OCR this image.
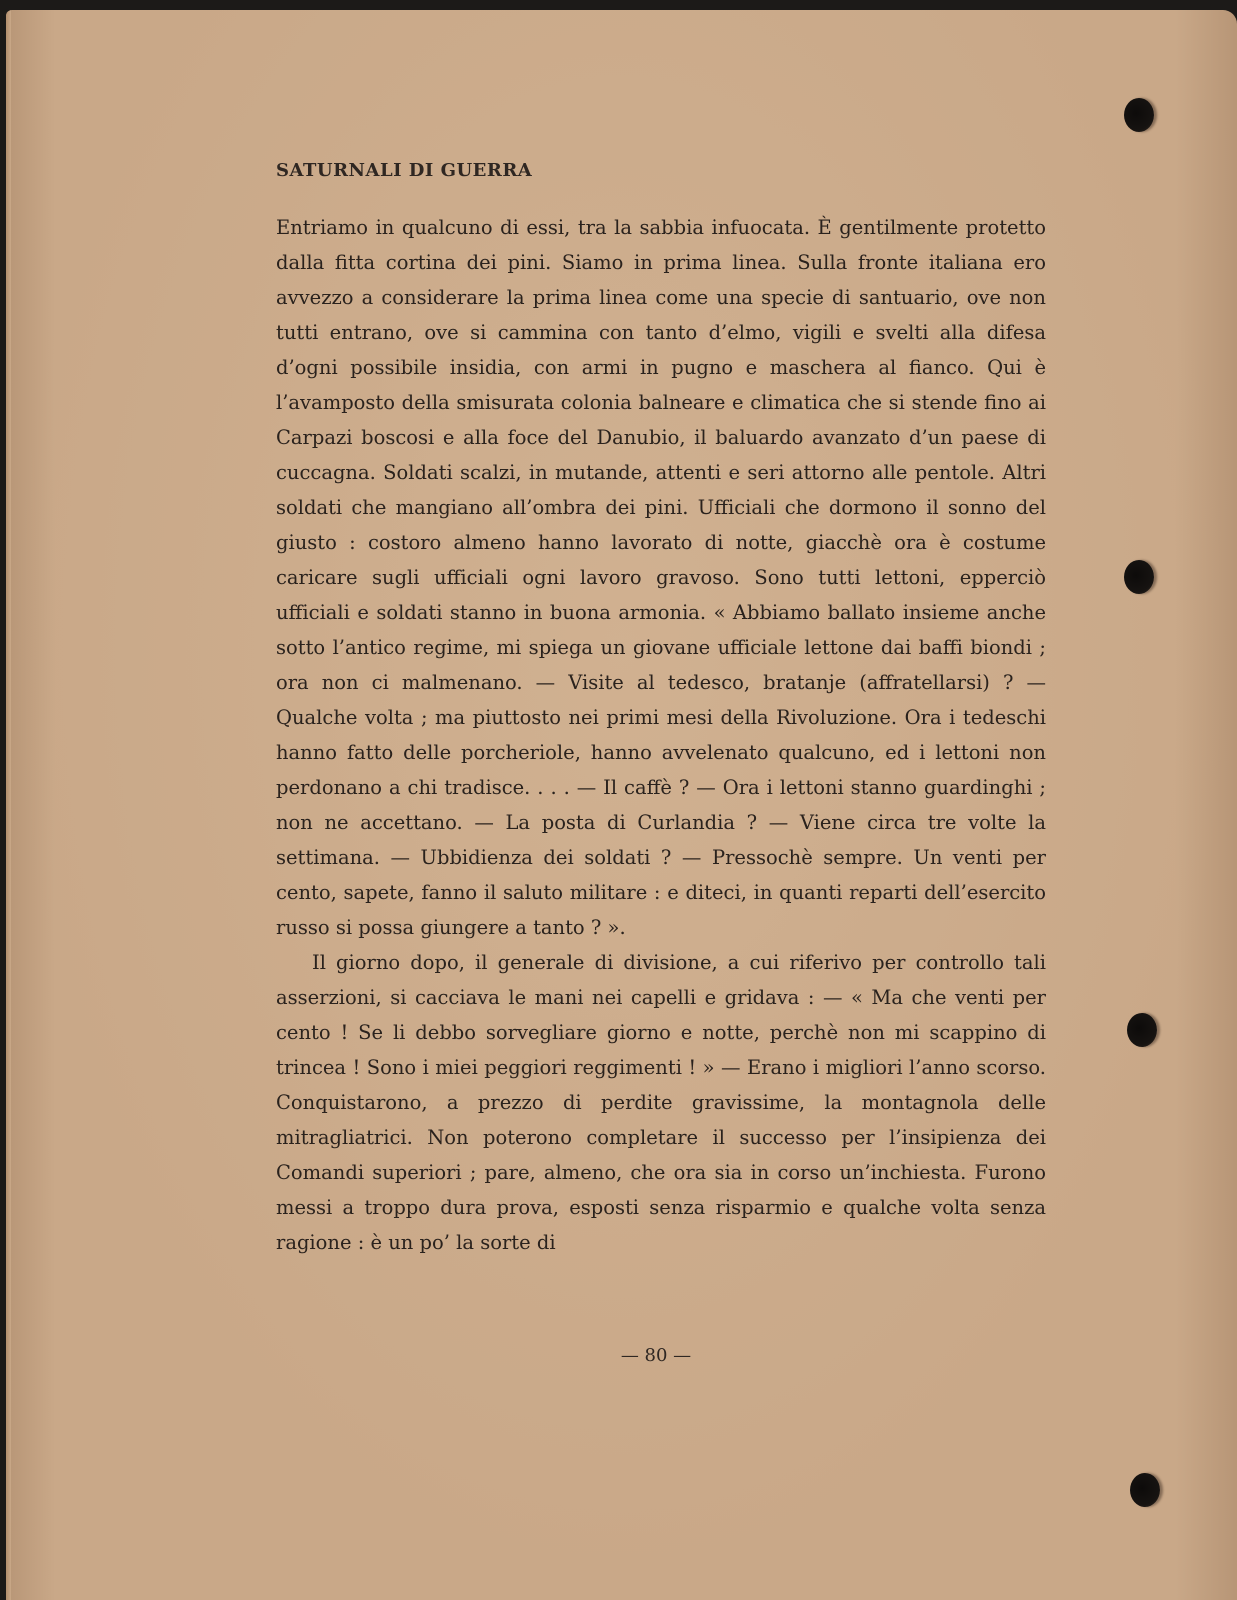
SATURNALI DI GUERRA

Entriamo in qualcuno di essi, tra la sabbia infuocata. È gentilmente protetto dalla fitta cortina dei pini. Siamo in prima linea. Sulla fronte italiana ero avvezzo a considerare la prima linea come una specie di santuario, ove non tutti entrano, ove si cammina con tanto d’elmo, vigili e svelti alla difesa d’ogni possibile insidia, con armi in pugno e maschera al fianco. Qui è l’avamposto della smisurata colonia balneare e climatica che si stende fino ai Carpazi boscosi e alla foce del Danubio, il baluardo avanzato d’un paese di cuccagna. Soldati scalzi, in mutande, attenti e seri attorno alle pentole. Altri soldati che mangiano all’ombra dei pini. Ufficiali che dormono il sonno del giusto : costoro almeno hanno lavorato di notte, giacchè ora è costume caricare sugli ufficiali ogni lavoro gravoso. Sono tutti lettoni, epperciò ufficiali e soldati stanno in buona armonia. « Abbiamo ballato insieme anche sotto l’antico regime, mi spiega un giovane ufficiale lettone dai baffi biondi ; ora non ci malmenano. — Visite al tedesco, bratanje (affratellarsi) ? — Qualche volta ; ma piuttosto nei primi mesi della Rivoluzione. Ora i tedeschi hanno fatto delle porcheriole, hanno avvelenato qualcuno, ed i lettoni non perdonano a chi tradisce. . . . — Il caffè ? — Ora i lettoni stanno guardinghi ; non ne accettano. — La posta di Curlandia ? — Viene circa tre volte la settimana. — Ubbidienza dei soldati ? — Pressochè sempre. Un venti per cento, sapete, fanno il saluto militare : e diteci, in quanti reparti dell’esercito russo si possa giungere a tanto ? ».

Il giorno dopo, il generale di divisione, a cui riferivo per controllo tali asserzioni, si cacciava le mani nei capelli e gridava : — « Ma che venti per cento ! Se li debbo sorvegliare giorno e notte, perchè non mi scappino di trincea ! Sono i miei peggiori reggimenti ! » — Erano i migliori l’anno scorso. Conquistarono, a prezzo di perdite gravissime, la montagnola delle mitragliatrici. Non poterono completare il successo per l’insipienza dei Comandi superiori ; pare, almeno, che ora sia in corso un’inchiesta. Furono messi a troppo dura prova, esposti senza risparmio e qualche volta senza ragione : è un po’ la sorte di

— 80 —
